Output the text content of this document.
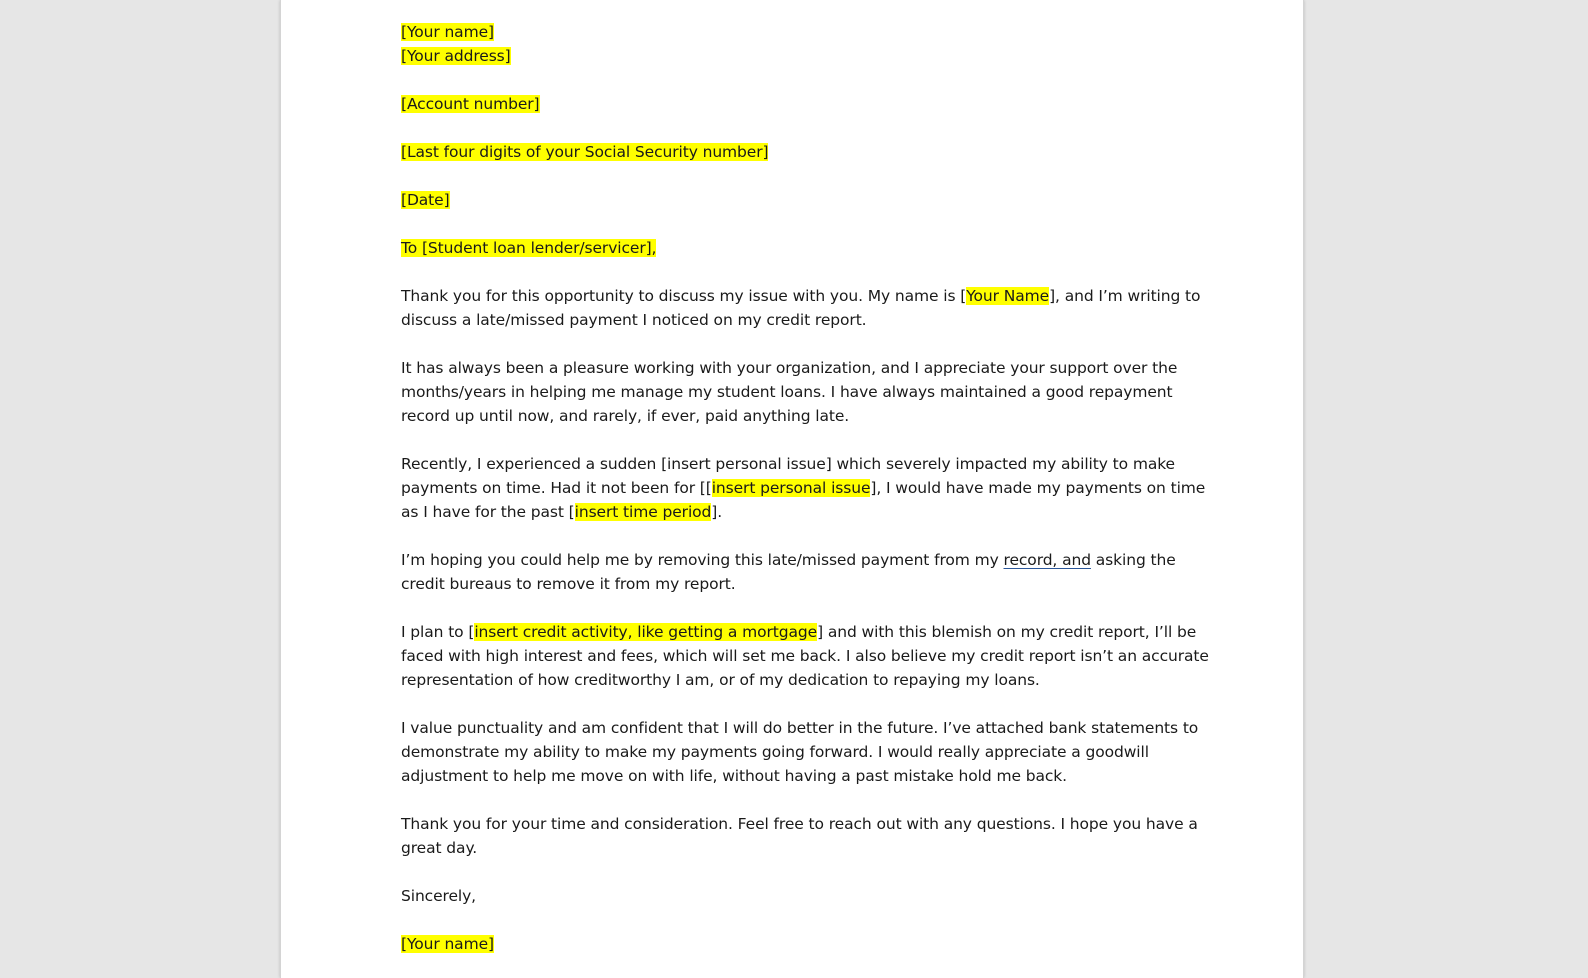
[Your name]

[Your address]

[Account number]

[Last four digits of your Social Security number]

[Date]

To [Student loan lender/servicer],

Thank you for this opportunity to discuss my issue with you. My name is [Your Name], and I’m writing to

discuss a late/missed payment I noticed on my credit report.

It has always been a pleasure working with your organization, and I appreciate your support over the

months/years in helping me manage my student loans. I have always maintained a good repayment

record up until now, and rarely, if ever, paid anything late.

Recently, I experienced a sudden [insert personal issue] which severely impacted my ability to make

payments on time. Had it not been for [[insert personal issue], I would have made my payments on time

as I have for the past [insert time period].

I’m hoping you could help me by removing this late/missed payment from my record, and asking the

credit bureaus to remove it from my report.

I plan to [insert credit activity, like getting a mortgage] and with this blemish on my credit report, I’ll be

faced with high interest and fees, which will set me back. I also believe my credit report isn’t an accurate

representation of how creditworthy I am, or of my dedication to repaying my loans.

I value punctuality and am confident that I will do better in the future. I’ve attached bank statements to

demonstrate my ability to make my payments going forward. I would really appreciate a goodwill

adjustment to help me move on with life, without having a past mistake hold me back.

Thank you for your time and consideration. Feel free to reach out with any questions. I hope you have a

great day.

Sincerely,

[Your name]
